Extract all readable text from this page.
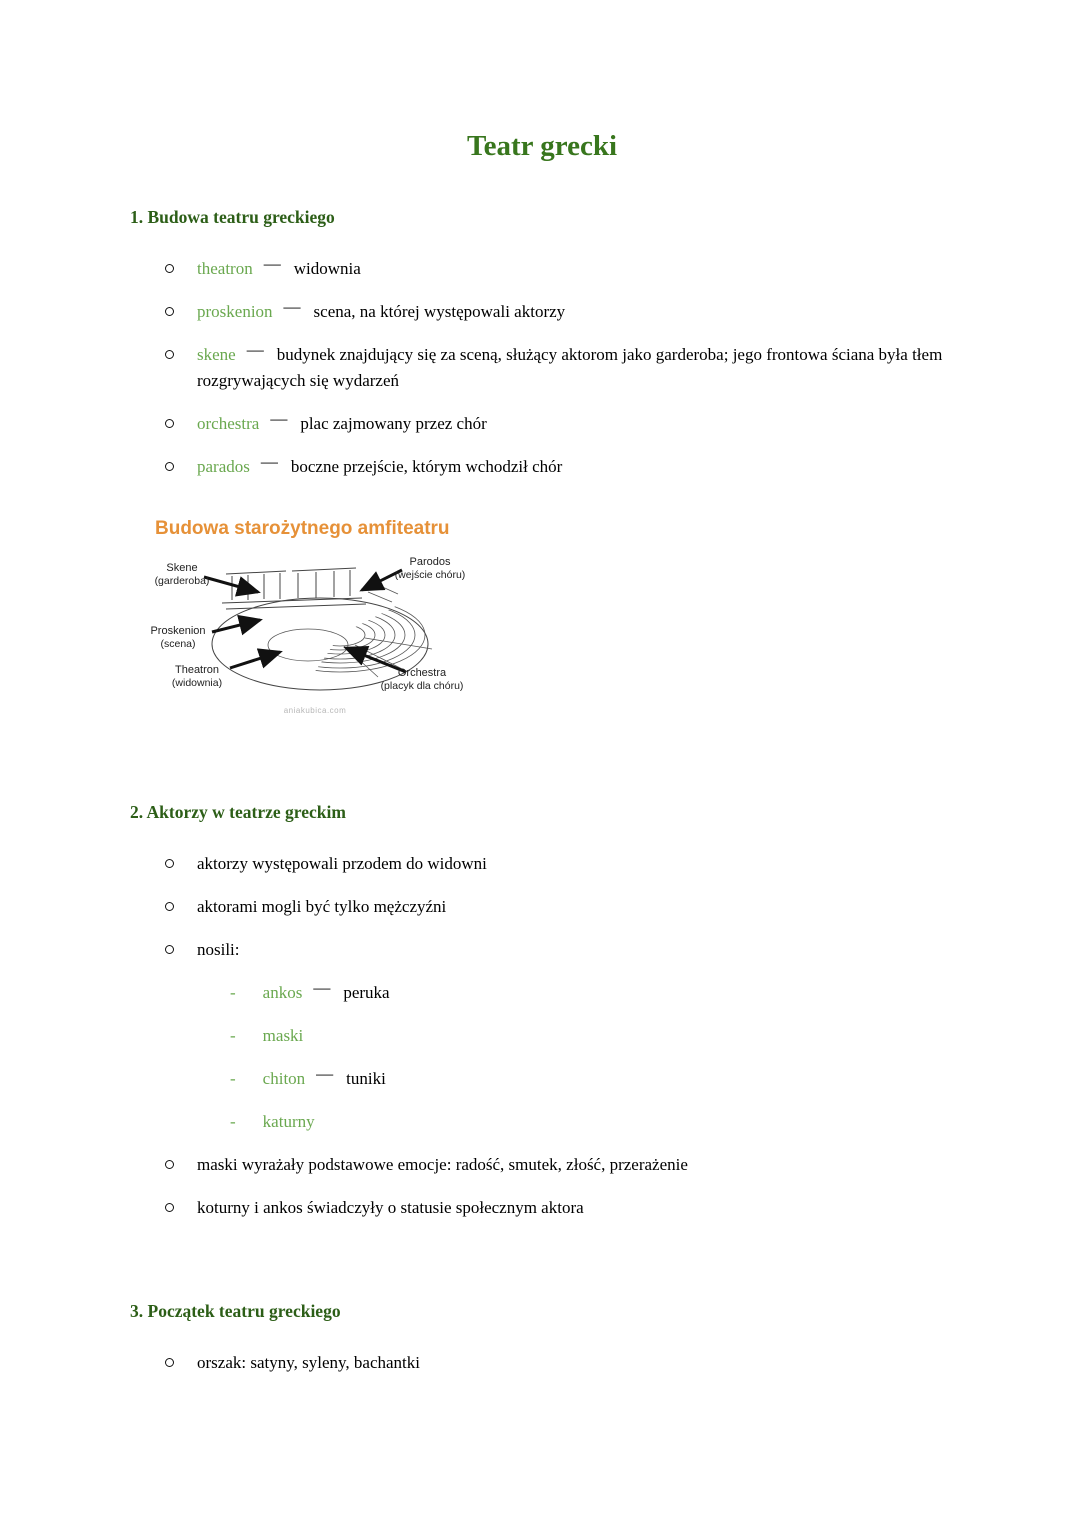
Teatr grecki
1. Budowa teatru greckiego
theatron — widownia
proskenion — scena, na której występowali aktorzy
skene — budynek znajdujący się za sceną, służący aktorom jako garderoba; jego frontowa ściana była tłem rozgrywających się wydarzeń
orchestra — plac zajmowany przez chór
parados — boczne przejście, którym wchodził chór
Budowa starożytnego amfiteatru
Skene
(garderoba)
Parodos
(wejście chóru)
Proskenion
(scena)
Theatron
(widownia)
Orchestra
(placyk dla chóru)
aniakubica.com
2. Aktorzy w teatrze greckim
aktorzy występowali przodem do widowni
aktorami mogli być tylko mężczyźni
nosili:
- ankos — peruka
- maski
- chiton — tuniki
- katurny
maski wyrażały podstawowe emocje: radość, smutek, złość, przerażenie
koturny i ankos świadczyły o statusie społecznym aktora
3. Początek teatru greckiego
orszak: satyny, syleny, bachantki
